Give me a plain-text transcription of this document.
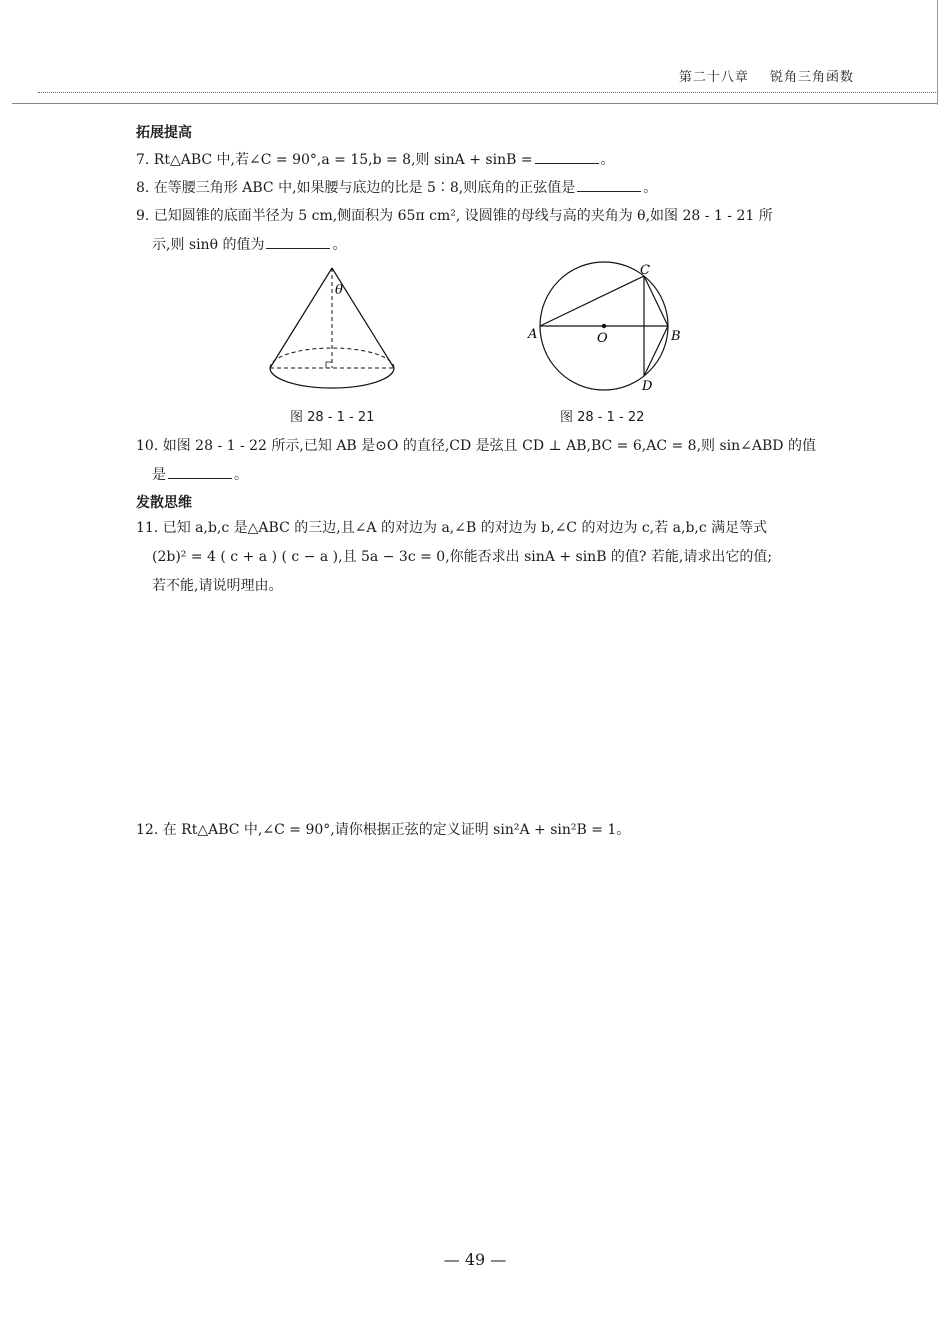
第二十八章 锐角三角函数
拓展提高
7. Rt△ABC 中,若∠C = 90°,a = 15,b = 8,则 sinA + sinB =	。
8. 在等腰三角形 ABC 中,如果腰与底边的比是 5∶8,则底角的正弦值是	。
9. 已知圆锥的底面半径为 5 cm,侧面积为 65π cm², 设圆锥的母线与高的夹角为 θ,如图 28 - 1 - 21 所
示,则 sinθ 的值为	。
θ
图 28 - 1 - 21
A	B
C
D
O
图 28 - 1 - 22
10. 如图 28 - 1 - 22 所示,已知 AB 是⊙O 的直径,CD 是弦且 CD ⊥ AB,BC = 6,AC = 8,则 sin∠ABD 的值
是	。
发散思维
11. 已知 a,b,c 是△ABC 的三边,且∠A 的对边为 a,∠B 的对边为 b,∠C 的对边为 c,若 a,b,c 满足等式
(2b)² = 4 ( c + a ) ( c − a ),且 5a − 3c = 0,你能否求出 sinA + sinB 的值? 若能,请求出它的值;
若不能,请说明理由。
12. 在 Rt△ABC 中,∠C = 90°,请你根据正弦的定义证明 sin²A + sin²B = 1。
— 49 —
